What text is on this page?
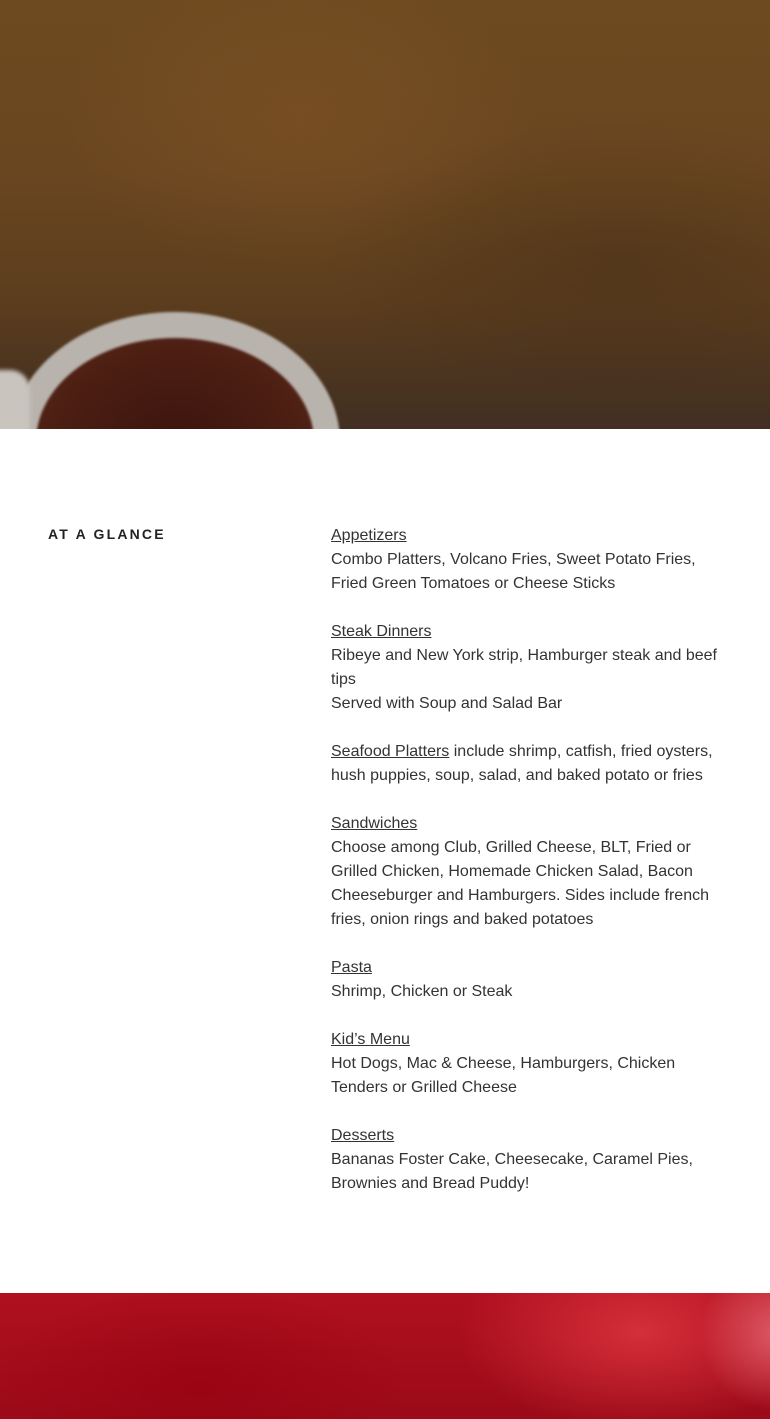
AT A GLANCE	Appetizers
Combo Platters, Volcano Fries, Sweet Potato Fries, Fried Green Tomatoes or Cheese Sticks
Steak Dinners
Ribeye and New York strip, Hamburger steak and beef tips
Served with Soup and Salad Bar
Seafood Platters include shrimp, catfish, fried oysters, hush puppies, soup, salad, and baked potato or fries
Sandwiches
Choose among Club, Grilled Cheese, BLT, Fried or Grilled Chicken, Homemade Chicken Salad, Bacon Cheeseburger and Hamburgers. Sides include french fries, onion rings and baked potatoes
Pasta
Shrimp, Chicken or Steak
Kid’s Menu
Hot Dogs, Mac & Cheese, Hamburgers, Chicken Tenders or Grilled Cheese
Desserts
Bananas Foster Cake, Cheesecake, Caramel Pies, Brownies and Bread Puddy!
